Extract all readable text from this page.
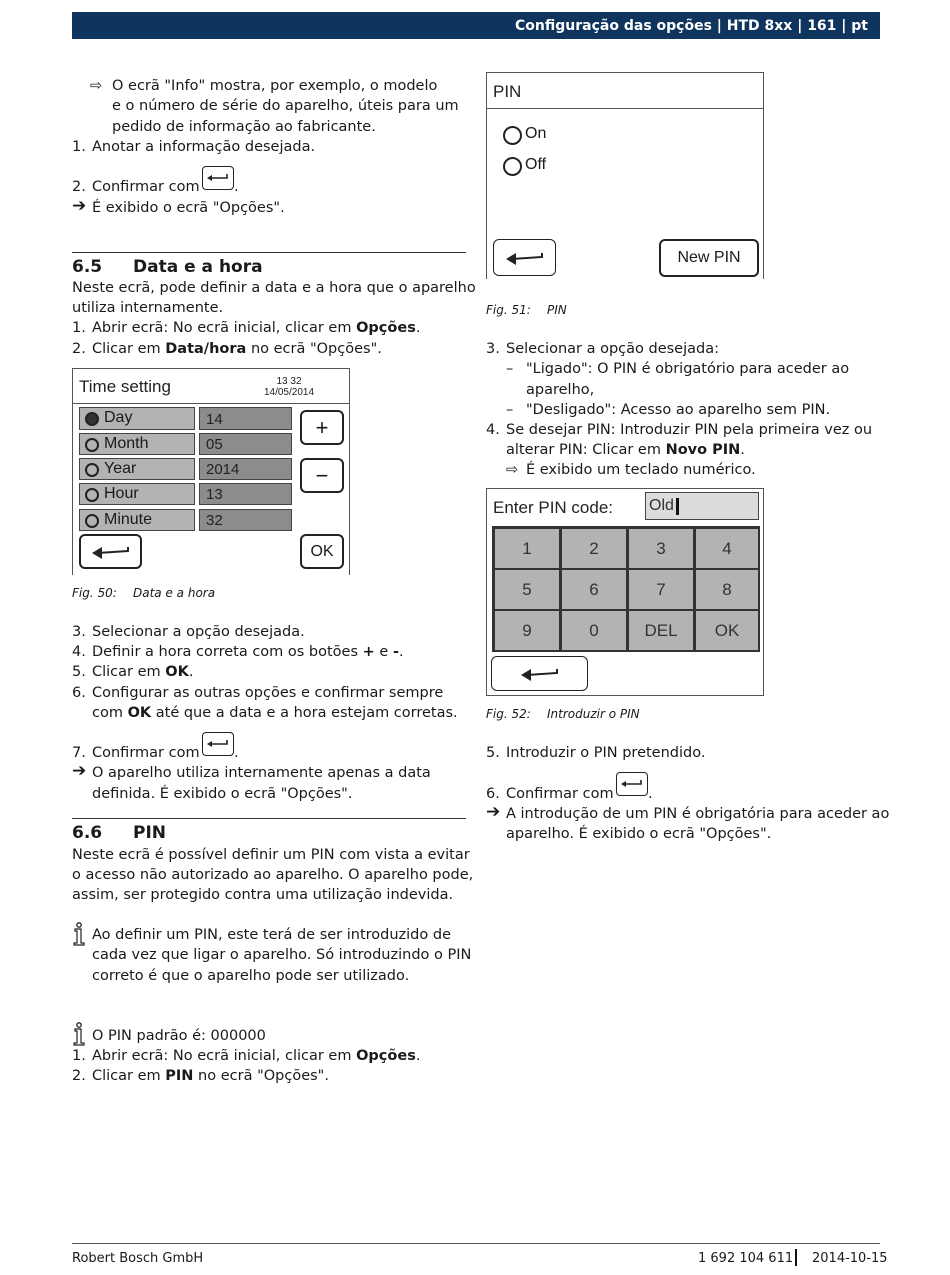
Configuração das opções | HTD 8xx | 161 | pt
⇨ O ecrã "Info" mostra, por exemplo, o modelo
e o número de série do aparelho, úteis para um
pedido de informação ao fabricante.
1. Anotar a informação desejada.
2. Confirmar com .
➔ É exibido o ecrã "Opções".
6.5 Data e a hora
Neste ecrã, pode definir a data e a hora que o aparelho
utiliza internamente.
1. Abrir ecrã: No ecrã inicial, clicar em Opções.
2. Clicar em Data/hora no ecrã "Opções".
Time setting	13 32
14/05/2014
Day	14
Month	05
Year	2014
Hour	13
Minute	32
+
−
OK
Fig. 50: Data e a hora
3. Selecionar a opção desejada.
4. Definir a hora correta com os botões + e -.
5. Clicar em OK.
6. Configurar as outras opções e confirmar sempre
com OK até que a data e a hora estejam corretas.
7. Confirmar com .
➔ O aparelho utiliza internamente apenas a data
definida. É exibido o ecrã "Opções".
6.6 PIN
Neste ecrã é possível definir um PIN com vista a evitar
o acesso não autorizado ao aparelho. O aparelho pode,
assim, ser protegido contra uma utilização indevida.
Ao definir um PIN, este terá de ser introduzido de
cada vez que ligar o aparelho. Só introduzindo o PIN
correto é que o aparelho pode ser utilizado.
O PIN padrão é: 000000
1. Abrir ecrã: No ecrã inicial, clicar em Opções.
2. Clicar em PIN no ecrã "Opções".
PIN
On
Off
New PIN
Fig. 51: PIN
3. Selecionar a opção desejada:
– "Ligado": O PIN é obrigatório para aceder ao
aparelho,
– "Desligado": Acesso ao aparelho sem PIN.
4. Se desejar PIN: Introduzir PIN pela primeira vez ou
alterar PIN: Clicar em Novo PIN.
⇨ É exibido um teclado numérico.
Enter PIN code: Old
1	2	3	4
5	6	7	8
9	0	DEL	OK
Fig. 52: Introduzir o PIN
5. Introduzir o PIN pretendido.
6. Confirmar com .
➔ A introdução de um PIN é obrigatória para aceder ao
aparelho. É exibido o ecrã "Opções".
Robert Bosch GmbH	1 692 104 611 2014-10-15
